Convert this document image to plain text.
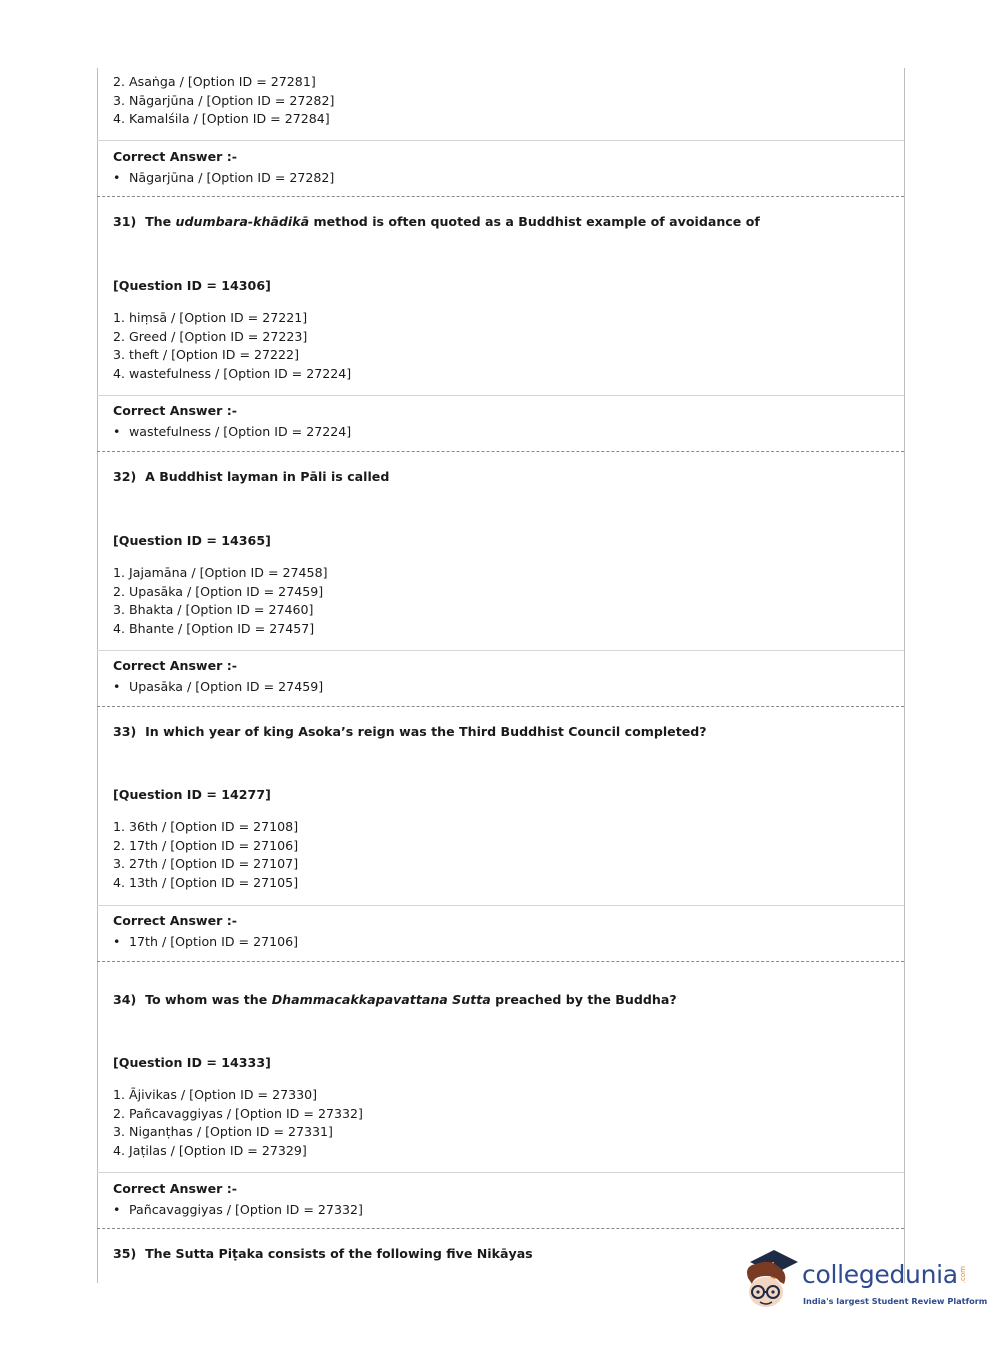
2. Asaṅga / [Option ID = 27281]
3. Nāgarjūna / [Option ID = 27282]
4. Kamalśila / [Option ID = 27284]
Correct Answer :-
• Nāgarjūna / [Option ID = 27282]
31) The udumbara-khādikā method is often quoted as a Buddhist example of avoidance of
[Question ID = 14306]
1. hiṃsā / [Option ID = 27221]
2. Greed / [Option ID = 27223]
3. theft / [Option ID = 27222]
4. wastefulness / [Option ID = 27224]
Correct Answer :-
• wastefulness / [Option ID = 27224]
32) A Buddhist layman in Pāli is called
[Question ID = 14365]
1. Jajamāna / [Option ID = 27458]
2. Upasāka / [Option ID = 27459]
3. Bhakta / [Option ID = 27460]
4. Bhante / [Option ID = 27457]
Correct Answer :-
• Upasāka / [Option ID = 27459]
33) In which year of king Asoka’s reign was the Third Buddhist Council completed?
[Question ID = 14277]
1. 36th / [Option ID = 27108]
2. 17th / [Option ID = 27106]
3. 27th / [Option ID = 27107]
4. 13th / [Option ID = 27105]
Correct Answer :-
• 17th / [Option ID = 27106]
34) To whom was the Dhammacakkapavattana Sutta preached by the Buddha?
[Question ID = 14333]
1. Ājivikas / [Option ID = 27330]
2. Pañcavaggiyas / [Option ID = 27332]
3. Niganṭhas / [Option ID = 27331]
4. Jaṭilas / [Option ID = 27329]
Correct Answer :-
• Pañcavaggiyas / [Option ID = 27332]
35) The Sutta Piṭaka consists of the following five Nikāyas
collegedunia .com
India's largest Student Review Platform
